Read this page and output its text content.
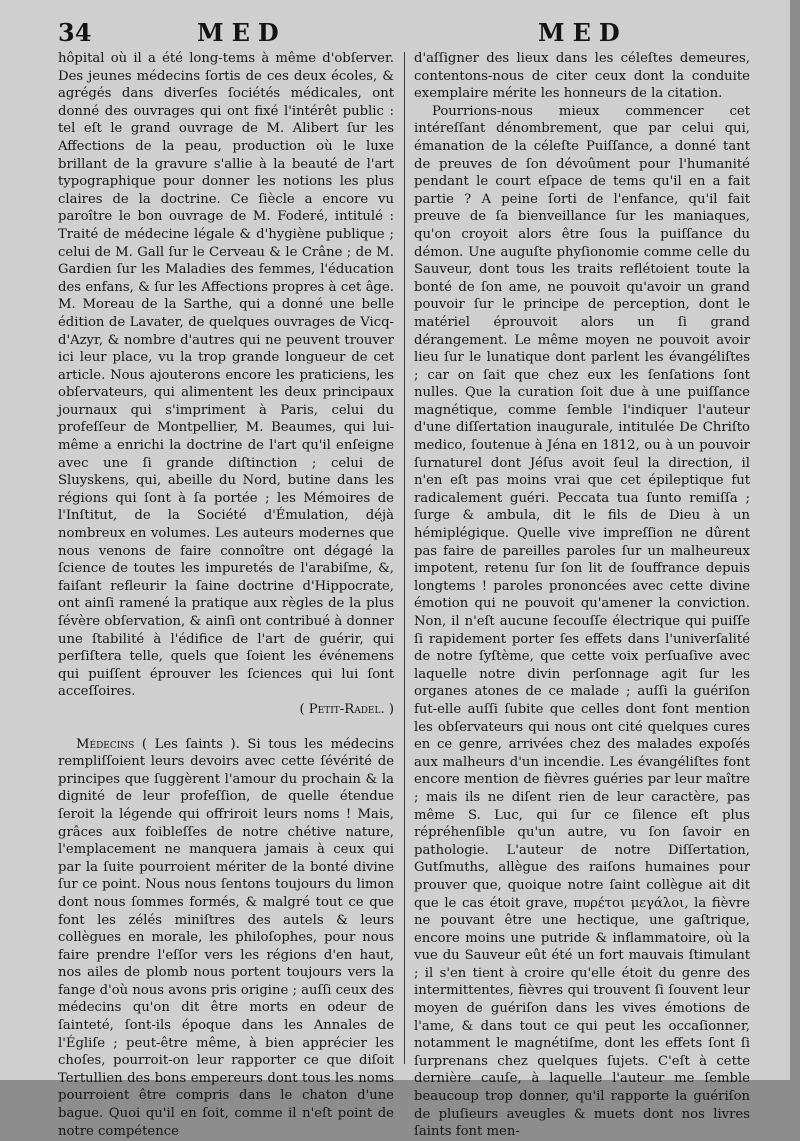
34	MED	MED

hôpital où il a été long-tems à même d'obſerver. Des jeunes médecins ſortis de ces deux écoles, & agrégés dans diverſes ſociétés médicales, ont donné des ouvrages qui ont fixé l'intérêt public : tel eſt le grand ouvrage de M. Alibert ſur les Affections de la peau, production où le luxe brillant de la gravure s'allie à la beauté de l'art typographique pour donner les notions les plus claires de la doctrine. Ce ſiècle a encore vu paroître le bon ouvrage de M. Foderé, intitulé : Traité de médecine légale & d'hygiène publique ; celui de M. Gall ſur le Cerveau & le Crâne ; de M. Gardien ſur les Maladies des femmes, l'éducation des enfans, & ſur les Affections propres à cet âge. M. Moreau de la Sarthe, qui a donné une belle édition de Lavater, de quelques ouvrages de Vicq-d'Azyr, & nombre d'autres qui ne peuvent trouver ici leur place, vu la trop grande longueur de cet article. Nous ajouterons encore les praticiens, les obſervateurs, qui alimentent les deux principaux journaux qui s'impriment à Paris, celui du profeſſeur de Montpellier, M. Beaumes, qui lui-même a enrichi la doctrine de l'art qu'il enſeigne avec une ſi grande diſtinction ; celui de Sluyskens, qui, abeille du Nord, butine dans les régions qui ſont à ſa portée ; les Mémoires de l'Inſtitut, de la Société d'Émulation, déjà nombreux en volumes. Les auteurs modernes que nous venons de faire connoître ont dégagé la ſcience de toutes les impuretés de l'arabiſme, &, faiſant refleurir la ſaine doctrine d'Hippocrate, ont ainſi ramené la pratique aux règles de la plus ſévère obſervation, & ainſi ont contribué à donner une ſtabilité à l'édifice de l'art de guérir, qui perſiſtera telle, quels que ſoient les événemens qui puiſſent éprouver les ſciences qui lui ſont acceſſoires.

( Petit-Radel. )

Médecins ( Les ſaints ). Si tous les médecins rempliſſoient leurs devoirs avec cette ſévérité de principes que ſuggèrent l'amour du prochain & la dignité de leur profeſſion, de quelle étendue ſeroit la légende qui offriroit leurs noms ! Mais, grâces aux foibleſſes de notre chétive nature, l'emplacement ne manquera jamais à ceux qui par la ſuite pourroient mériter de la bonté divine ſur ce point. Nous nous ſentons toujours du limon dont nous ſommes formés, & malgré tout ce que font les zélés miniſtres des autels & leurs collègues en morale, les philoſophes, pour nous faire prendre l'eſſor vers les régions d'en haut, nos ailes de plomb nous portent toujours vers la fange d'où nous avons pris origine ; auſſi ceux des médecins qu'on dit être morts en odeur de ſainteté, ſont-ils époque dans les Annales de l'Égliſe ; peut-être même, à bien apprécier les choſes, pourroit-on leur rapporter ce que diſoit Tertullien des bons empereurs dont tous les noms pourroient être compris dans le chaton d'une bague. Quoi qu'il en ſoit, comme il n'eſt point de notre compétence

d'aſſigner des lieux dans les céleſtes demeures, contentons-nous de citer ceux dont la conduite exemplaire mérite les honneurs de la citation.

Pourrions-nous mieux commencer cet intéreſſant dénombrement, que par celui qui, émanation de la céleſte Puiſſance, a donné tant de preuves de ſon dévoûment pour l'humanité pendant le court eſpace de tems qu'il en a fait partie ? A peine ſorti de l'enfance, qu'il fait preuve de ſa bienveillance ſur les maniaques, qu'on croyoit alors être ſous la puiſſance du démon. Une auguſte phyſionomie comme celle du Sauveur, dont tous les traits reflétoient toute la bonté de ſon ame, ne pouvoit qu'avoir un grand pouvoir ſur le principe de perception, dont le matériel éprouvoit alors un ſi grand dérangement. Le même moyen ne pouvoit avoir lieu ſur le lunatique dont parlent les évangéliſtes ; car on ſait que chez eux les ſenſations ſont nulles. Que la curation ſoit due à une puiſſance magnétique, comme ſemble l'indiquer l'auteur d'une diſſertation inaugurale, intitulée De Chriſto medico, ſoutenue à Jéna en 1812, ou à un pouvoir ſurnaturel dont Jéſus avoit ſeul la direction, il n'en eſt pas moins vrai que cet épileptique fut radicalement guéri. Peccata tua ſunto remiſſa ; ſurge & ambula, dit le fils de Dieu à un hémiplégique. Quelle vive impreſſion ne dûrent pas faire de pareilles paroles ſur un malheureux impotent, retenu ſur ſon lit de ſouffrance depuis longtems ! paroles prononcées avec cette divine émotion qui ne pouvoit qu'amener la conviction. Non, il n'eſt aucune ſecouſſe électrique qui puiſſe ſi rapidement porter ſes effets dans l'univerſalité de notre ſyſtème, que cette voix perſuaſive avec laquelle notre divin perſonnage agit ſur les organes atones de ce malade ; auſſi la guériſon fut-elle auſſi ſubite que celles dont font mention les obſervateurs qui nous ont cité quelques cures en ce genre, arrivées chez des malades expoſés aux malheurs d'un incendie. Les évangéliſtes font encore mention de fièvres guéries par leur maître ; mais ils ne diſent rien de leur caractère, pas même S. Luc, qui ſur ce ſilence eſt plus répréhenſible qu'un autre, vu ſon ſavoir en pathologie. L'auteur de notre Diſſertation, Gutſmuths, allègue des raiſons humaines pour prouver que, quoique notre ſaint collègue ait dit que le cas étoit grave, πυρέτοι μεγάλοι, la fièvre ne pouvant être une hectique, une gaſtrique, encore moins une putride & inflammatoire, où la vue du Sauveur eût été un fort mauvais ſtimulant ; il s'en tient à croire qu'elle étoit du genre des intermittentes, fièvres qui trouvent ſi ſouvent leur moyen de guériſon dans les vives émotions de l'ame, & dans tout ce qui peut les occaſionner, notamment le magnétiſme, dont les effets ſont ſi ſurprenans chez quelques ſujets. C'eſt à cette dernière cauſe, à laquelle l'auteur me ſemble beaucoup trop donner, qu'il rapporte la guériſon de pluſieurs aveugles & muets dont nos livres ſaints font men-
